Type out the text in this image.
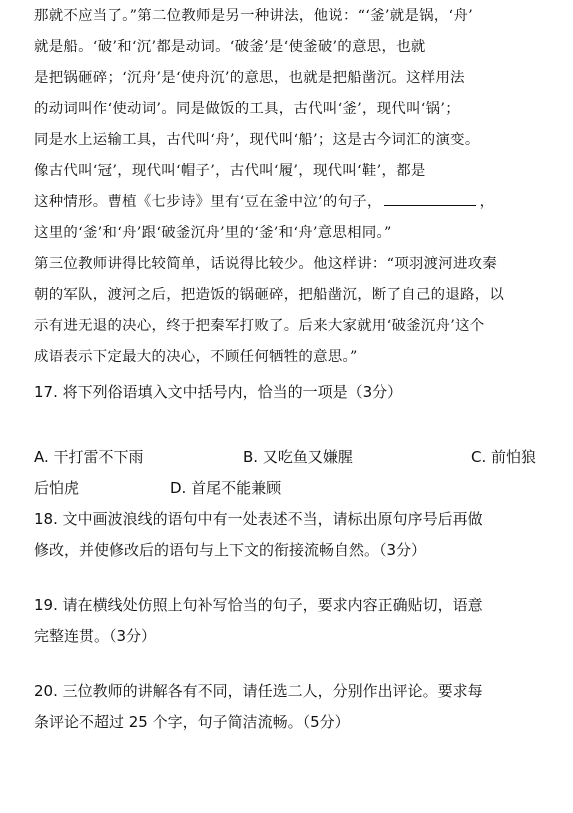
那就不应当了。”第二位教师是另一种讲法，他说：“‘釜’就是锅，‘舟’
就是船。‘破’和‘沉’都是动词。‘破釜’是‘使釜破’的意思，也就
是把锅砸碎；‘沉舟’是‘使舟沉’的意思，也就是把船凿沉。这样用法
的动词叫作‘使动词’。同是做饭的工具，古代叫‘釜’，现代叫‘锅’；
同是水上运输工具，古代叫‘舟’，现代叫‘船’；这是古今词汇的演变。
像古代叫‘冠’，现代叫‘帽子’，古代叫‘履’，现代叫‘鞋’，都是
这种情形。曹植《七步诗》里有‘豆在釜中泣’的句子，	，
这里的‘釜’和‘舟’跟‘破釜沉舟’里的‘釜’和‘舟’意思相同。”
第三位教师讲得比较简单，话说得比较少。他这样讲：“项羽渡河进攻秦
朝的军队，渡河之后，把造饭的锅砸碎，把船凿沉，断了自己的退路，以
示有进无退的决心，终于把秦军打败了。后来大家就用‘破釜沉舟’这个
成语表示下定最大的决心，不顾任何牺牲的意思。”
17. 将下列俗语填入文中括号内，恰当的一项是（3分）
A. 干打雷不下雨	B. 又吃鱼又嫌腥	C. 前怕狼
后怕虎	D. 首尾不能兼顾
18. 文中画波浪线的语句中有一处表述不当，请标出原句序号后再做
修改，并使修改后的语句与上下文的衔接流畅自然。（3分）
19. 请在横线处仿照上句补写恰当的句子，要求内容正确贴切，语意
完整连贯。（3分）
20. 三位教师的讲解各有不同，请任选二人，分别作出评论。要求每
条评论不超过 25 个字，句子简洁流畅。（5分）
